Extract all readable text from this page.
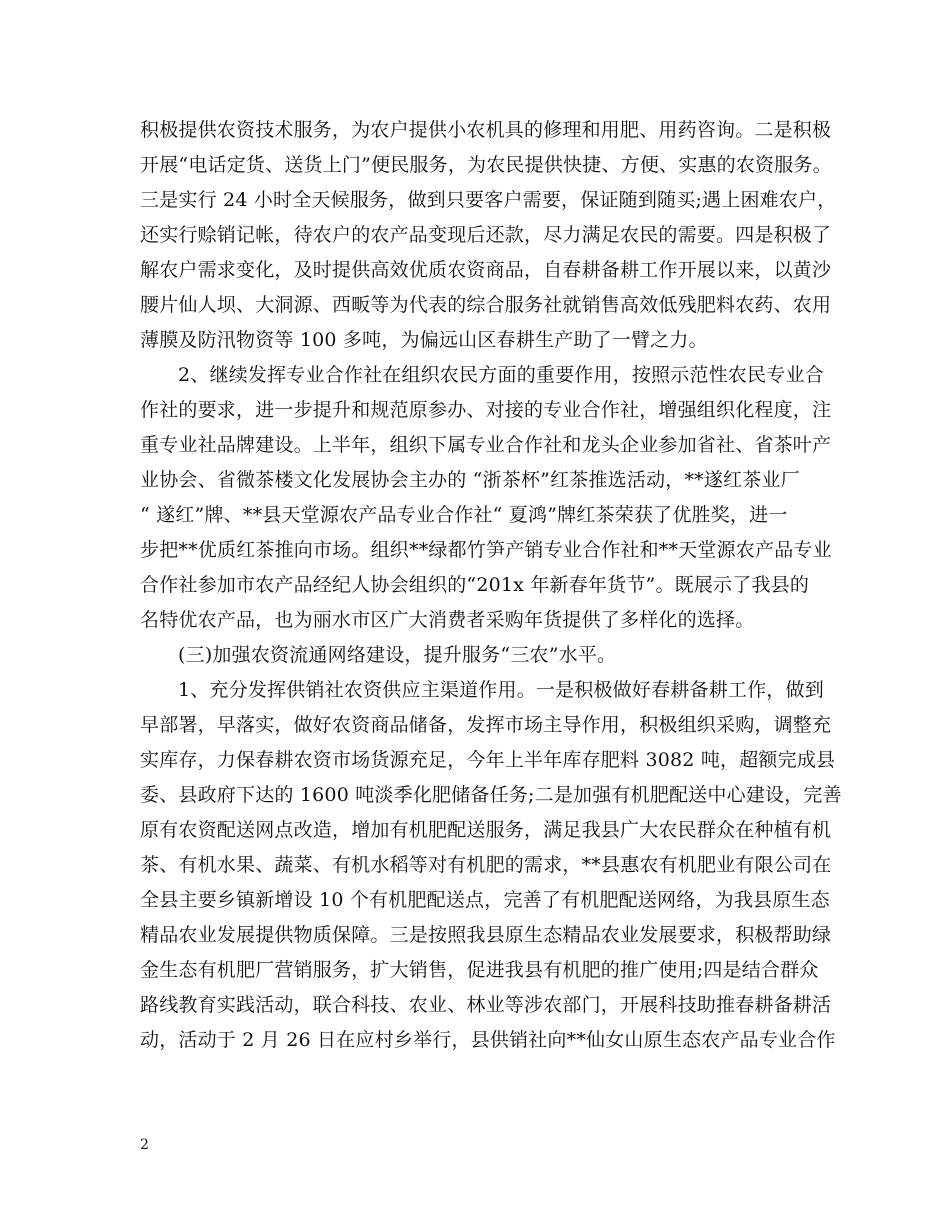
积极提供农资技术服务，为农户提供小农机具的修理和用肥、用药咨询。二是积极
开展“电话定货、送货上门”便民服务，为农民提供快捷、方便、实惠的农资服务。
三是实行 24 小时全天候服务，做到只要客户需要，保证随到随买;遇上困难农户，
还实行赊销记帐，待农户的农产品变现后还款，尽力满足农民的需要。四是积极了
解农户需求变化，及时提供高效优质农资商品，自春耕备耕工作开展以来，以黄沙
腰片仙人坝、大洞源、西畈等为代表的综合服务社就销售高效低残肥料农药、农用
薄膜及防汛物资等 100 多吨，为偏远山区春耕生产助了一臂之力。
2、继续发挥专业合作社在组织农民方面的重要作用，按照示范性农民专业合
作社的要求，进一步提升和规范原参办、对接的专业合作社，增强组织化程度，注
重专业社品牌建设。上半年，组织下属专业合作社和龙头企业参加省社、省茶叶产
业协会、省微茶楼文化发展协会主办的 “浙茶杯”红茶推选活动，**遂红茶业厂
“ 遂红”牌、**县天堂源农产品专业合作社“ 夏鸿”牌红茶荣获了优胜奖，进一
步把**优质红茶推向市场。组织**绿都竹笋产销专业合作社和**天堂源农产品专业
合作社参加市农产品经纪人协会组织的“201x 年新春年货节”。既展示了我县的
名特优农产品，也为丽水市区广大消费者采购年货提供了多样化的选择。
(三)加强农资流通网络建设，提升服务“三农”水平。
1、充分发挥供销社农资供应主渠道作用。一是积极做好春耕备耕工作，做到
早部署，早落实，做好农资商品储备，发挥市场主导作用，积极组织采购，调整充
实库存，力保春耕农资市场货源充足，今年上半年库存肥料 3082 吨，超额完成县
委、县政府下达的 1600 吨淡季化肥储备任务;二是加强有机肥配送中心建设，完善
原有农资配送网点改造，增加有机肥配送服务，满足我县广大农民群众在种植有机
茶、有机水果、蔬菜、有机水稻等对有机肥的需求，**县惠农有机肥业有限公司在
全县主要乡镇新增设 10 个有机肥配送点，完善了有机肥配送网络，为我县原生态
精品农业发展提供物质保障。三是按照我县原生态精品农业发展要求，积极帮助绿
金生态有机肥厂营销服务，扩大销售，促进我县有机肥的推广使用;四是结合群众
路线教育实践活动，联合科技、农业、林业等涉农部门，开展科技助推春耕备耕活
动，活动于 2 月 26 日在应村乡举行，县供销社向**仙女山原生态农产品专业合作
2
